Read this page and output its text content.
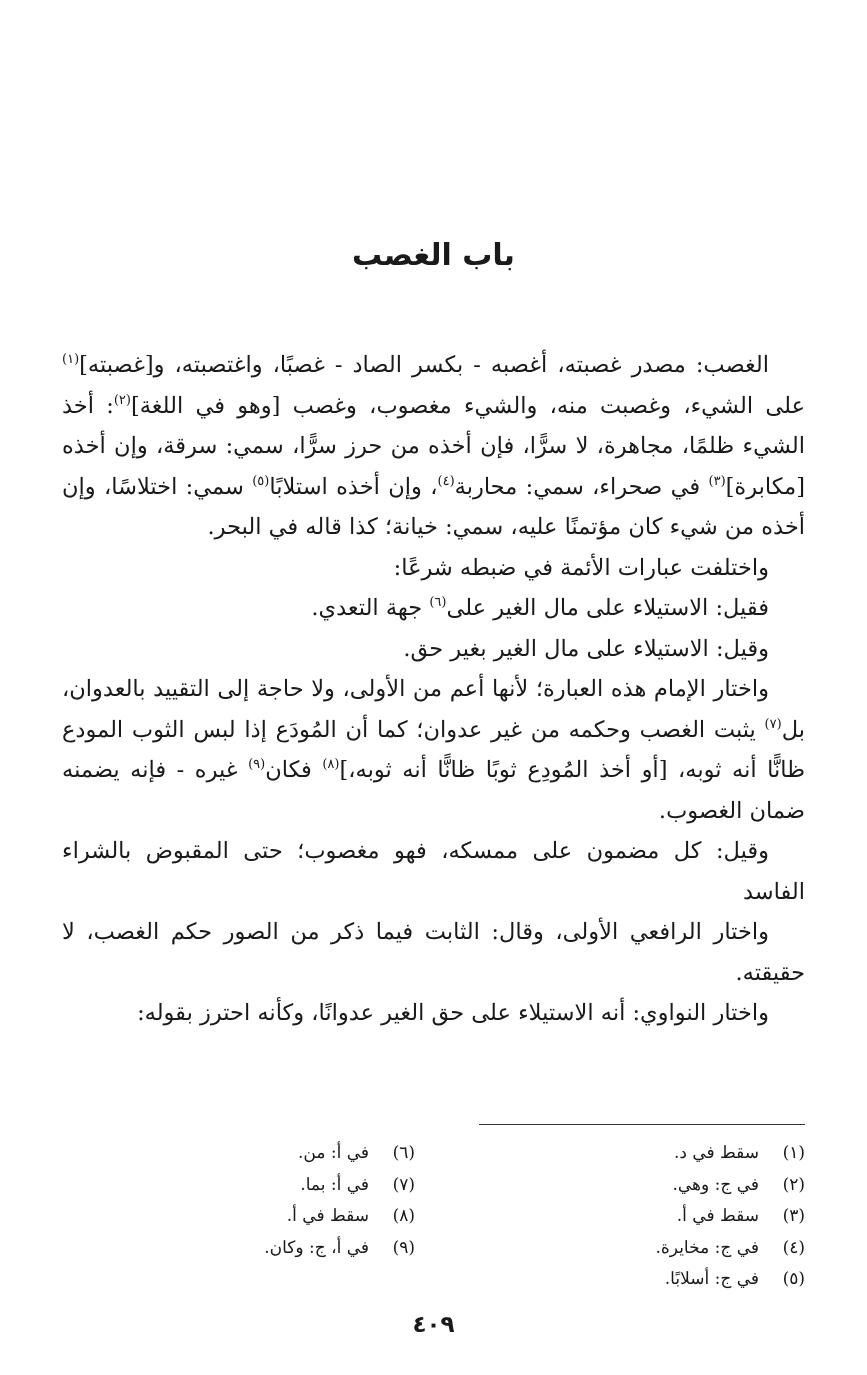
باب الغصب

الغصب: مصدر غصبته، أغصبه - بكسر الصاد - غصبًا، واغتصبته، و[غصبته]$^{(١)}$ على الشيء، وغصبت منه، والشيء مغصوب، وغصب [وهو في اللغة]$^{(٢)}$: أخذ الشيء ظلمًا، مجاهرة، لا سرًّا، فإن أخذه من حرز سرًّا، سمي: سرقة، وإن أخذه [مكابرة]$^{(٣)}$ في صحراء، سمي: محاربة$^{(٤)}$، وإن أخذه استلابًا$^{(٥)}$ سمي: اختلاسًا، وإن أخذه من شيء كان مؤتمنًا عليه، سمي: خيانة؛ كذا قاله في البحر.

واختلفت عبارات الأئمة في ضبطه شرعًا:

فقيل: الاستيلاء على مال الغير على$^{(٦)}$ جهة التعدي.

وقيل: الاستيلاء على مال الغير بغير حق.

واختار الإمام هذه العبارة؛ لأنها أعم من الأولى، ولا حاجة إلى التقييد بالعدوان، بل$^{(٧)}$ يثبت الغصب وحكمه من غير عدوان؛ كما أن المُودَع إذا لبس الثوب المودع ظانًّا أنه ثوبه، [أو أخذ المُودِع ثوبًا ظانًّا أنه ثوبه،]$^{(٨)}$ فكان$^{(٩)}$ غيره - فإنه يضمنه ضمان الغصوب.

وقيل: كل مضمون على ممسكه، فهو مغصوب؛ حتى المقبوض بالشراء الفاسد

واختار الرافعي الأولى، وقال: الثابت فيما ذكر من الصور حكم الغصب، لا حقيقته.

واختار النواوي: أنه الاستيلاء على حق الغير عدوانًا، وكأنه احترز بقوله:

(١)
سقط في د.
(٢)
في ج: وهي.
(٣)
سقط في أ.
(٤)
في ج: مخايرة.
(٥)
في ج: أسلابًا.
(٦)
في أ: من.
(٧)
في أ: بما.
(٨)
سقط في أ.
(٩)
في أ، ج: وكان.
٤٠٩
